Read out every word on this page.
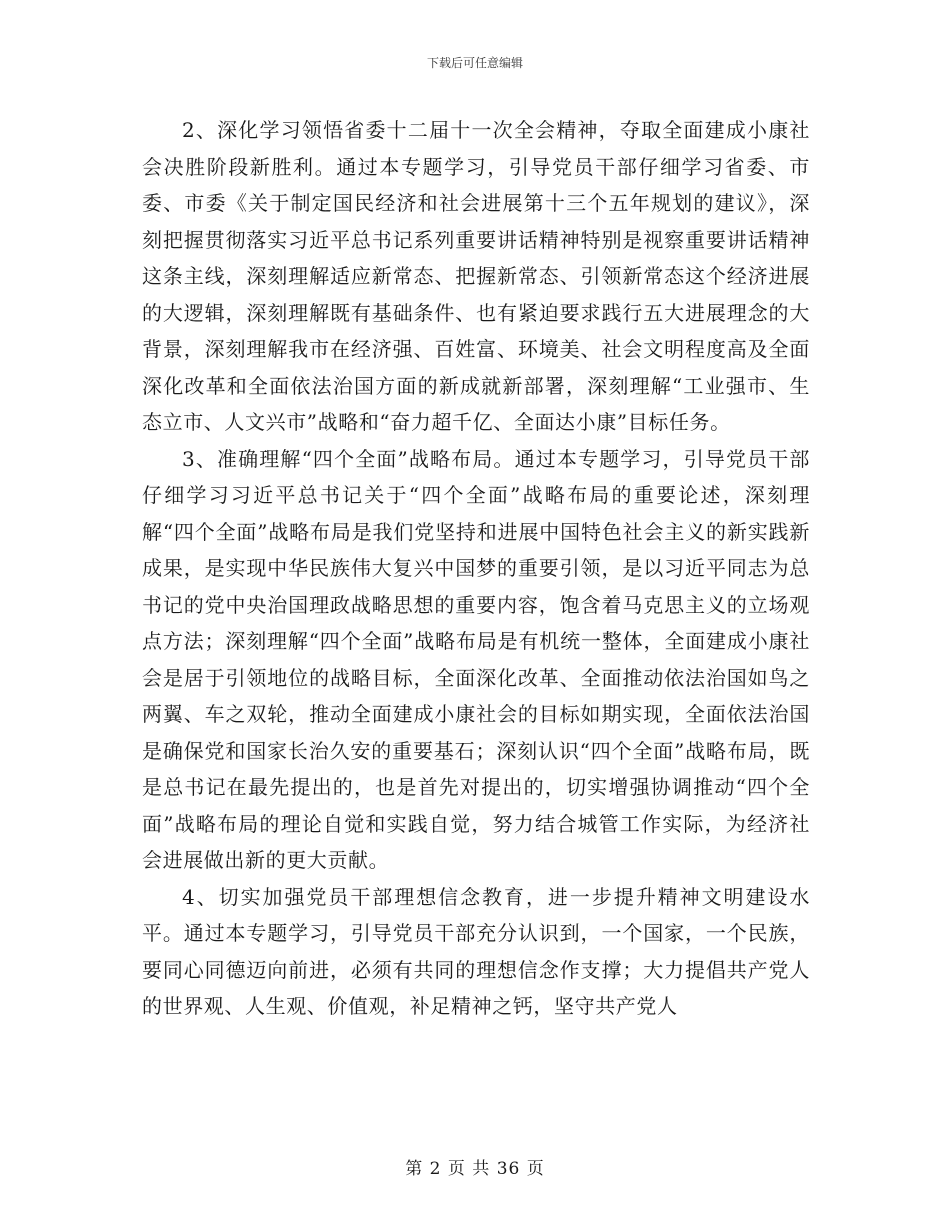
下载后可任意编辑

2、深化学习领悟省委十二届十一次全会精神，夺取全面建成小康社会决胜阶段新胜利。通过本专题学习，引导党员干部仔细学习省委、市委、市委《关于制定国民经济和社会进展第十三个五年规划的建议》，深刻把握贯彻落实习近平总书记系列重要讲话精神特别是视察重要讲话精神这条主线，深刻理解适应新常态、把握新常态、引领新常态这个经济进展的大逻辑，深刻理解既有基础条件、也有紧迫要求践行五大进展理念的大背景，深刻理解我市在经济强、百姓富、环境美、社会文明程度高及全面深化改革和全面依法治国方面的新成就新部署，深刻理解“工业强市、生态立市、人文兴市”战略和“奋力超千亿、全面达小康”目标任务。

3、准确理解“四个全面”战略布局。通过本专题学习，引导党员干部仔细学习习近平总书记关于“四个全面”战略布局的重要论述，深刻理解“四个全面”战略布局是我们党坚持和进展中国特色社会主义的新实践新成果，是实现中华民族伟大复兴中国梦的重要引领，是以习近平同志为总书记的党中央治国理政战略思想的重要内容，饱含着马克思主义的立场观点方法；深刻理解“四个全面”战略布局是有机统一整体，全面建成小康社会是居于引领地位的战略目标，全面深化改革、全面推动依法治国如鸟之两翼、车之双轮，推动全面建成小康社会的目标如期实现，全面依法治国是确保党和国家长治久安的重要基石；深刻认识“四个全面”战略布局，既是总书记在最先提出的，也是首先对提出的，切实增强协调推动“四个全面”战略布局的理论自觉和实践自觉，努力结合城管工作实际，为经济社会进展做出新的更大贡献。

4、切实加强党员干部理想信念教育，进一步提升精神文明建设水平。通过本专题学习，引导党员干部充分认识到，一个国家，一个民族，要同心同德迈向前进，必须有共同的理想信念作支撑；大力提倡共产党人的世界观、人生观、价值观，补足精神之钙，坚守共产党人

第 2 页 共 36 页
